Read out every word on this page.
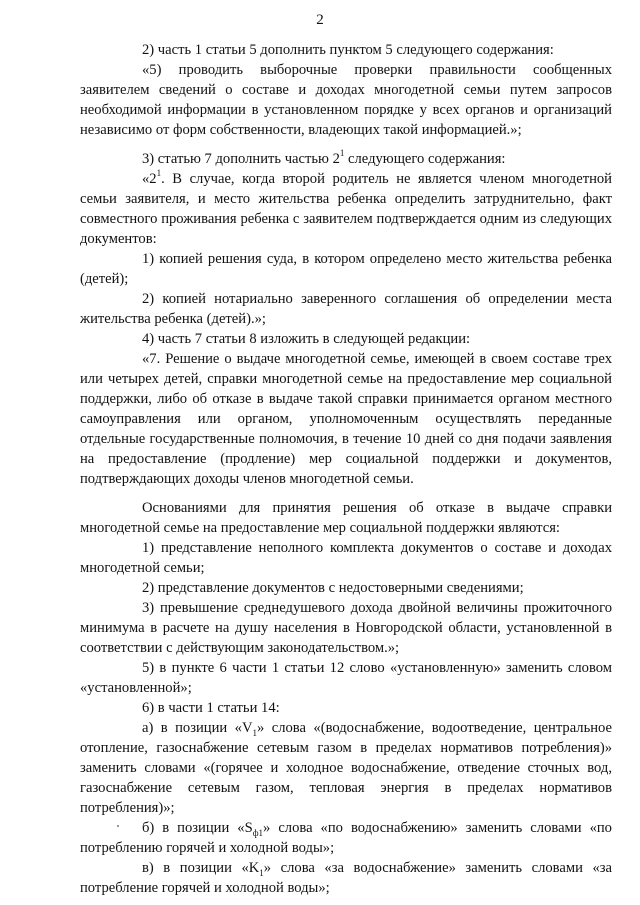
2

2) часть 1 статьи 5 дополнить пунктом 5 следующего содержания:

«5) проводить выборочные проверки правильности сообщенных заявителем сведений о составе и доходах многодетной семьи путем запросов необходимой информации в установленном порядке у всех органов и организаций независимо от форм собственности, владеющих такой информацией.»;

3) статью 7 дополнить частью $2^1$ следующего содержания:

«$2^1$. В случае, когда второй родитель не является членом многодетной семьи заявителя, и место жительства ребенка определить затруднительно, факт совместного проживания ребенка с заявителем подтверждается одним из следующих документов:

1) копией решения суда, в котором определено место жительства ребенка (детей);

2) копией нотариально заверенного соглашения об определении места жительства ребенка (детей).»;

4) часть 7 статьи 8 изложить в следующей редакции:

«7. Решение о выдаче многодетной семье, имеющей в своем составе трех или четырех детей, справки многодетной семье на предоставление мер социальной поддержки, либо об отказе в выдаче такой справки принимается органом местного самоуправления или органом, уполномоченным осуществлять переданные отдельные государственные полномочия, в течение 10 дней со дня подачи заявления на предоставление (продление) мер социальной поддержки и документов, подтверждающих доходы членов многодетной семьи.

Основаниями для принятия решения об отказе в выдаче справки многодетной семье на предоставление мер социальной поддержки являются:

1) представление неполного комплекта документов о составе и доходах многодетной семьи;

2) представление документов с недостоверными сведениями;

3) превышение среднедушевого дохода двойной величины прожиточного минимума в расчете на душу населения в Новгородской области, установленной в соответствии с действующим законодательством.»;

5) в пункте 6 части 1 статьи 12 слово «установленную» заменить словом «установленной»;

6) в части 1 статьи 14:

а) в позиции «$V_1$» слова «(водоснабжение, водоотведение, центральное отопление, газоснабжение сетевым газом в пределах нормативов потребления)» заменить словами «(горячее и холодное водоснабжение, отведение сточных вод, газоснабжение сетевым газом, тепловая энергия в пределах нормативов потребления)»;

б) в позиции «$S_{ф1}$» слова «по водоснабжению» заменить словами «по потреблению горячей и холодной воды»;

в) в позиции «$K_1$» слова «за водоснабжение» заменить словами «за потребление горячей и холодной воды»;
